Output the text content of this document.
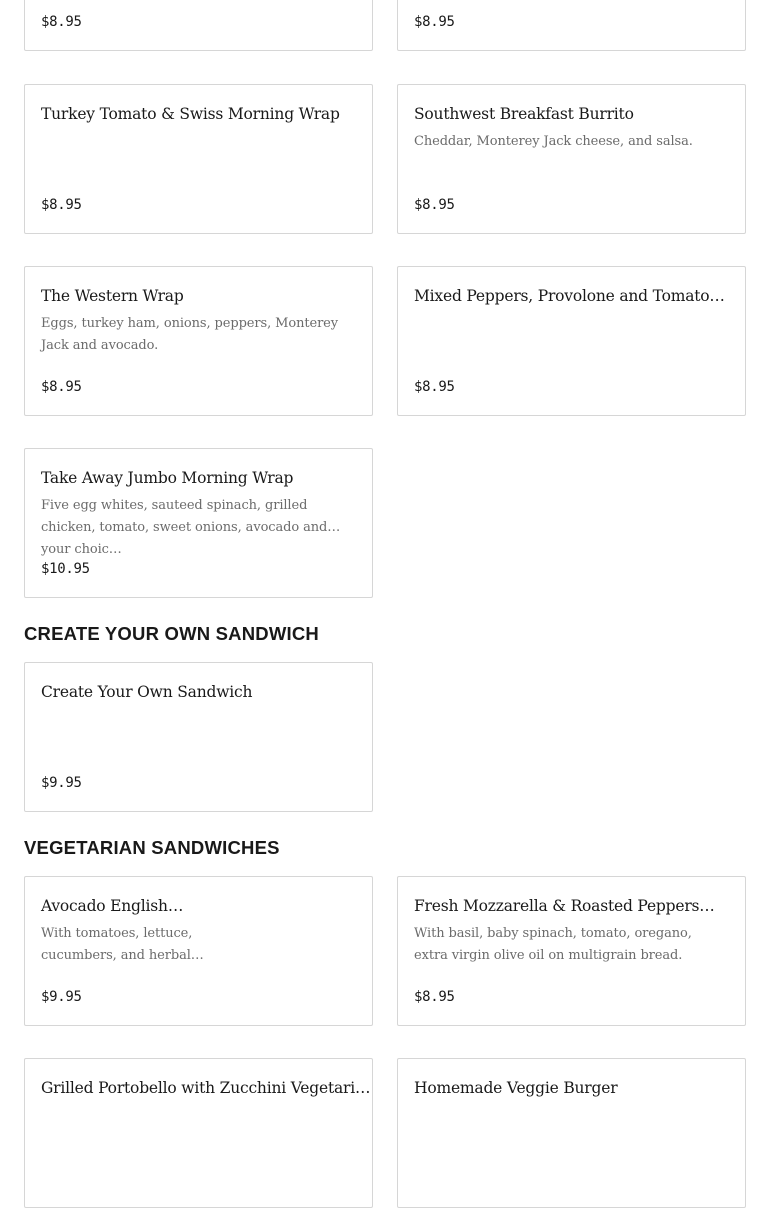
$8.95	$8.95
Turkey Tomato & Swiss Morning Wrap
$8.95
Southwest Breakfast Burrito
Cheddar, Monterey Jack cheese, and salsa.
$8.95
The Western Wrap
Eggs, turkey ham, onions, peppers, Monterey Jack and avocado.
$8.95
Mixed Peppers, Provolone and Tomato…
$8.95
Take Away Jumbo Morning Wrap
Five egg whites, sauteed spinach, grilled chicken, tomato, sweet onions, avocado and your choic…
$10.95
CREATE YOUR OWN SANDWICH
Create Your Own Sandwich
$9.95
VEGETARIAN SANDWICHES
Avocado English…
With tomatoes, lettuce, cucumbers, and herbal…
$9.95
Fresh Mozzarella & Roasted Peppers…
With basil, baby spinach, tomato, oregano, extra virgin olive oil on multigrain bread.
$8.95
Grilled Portobello with Zucchini Vegetari…	Homemade Veggie Burger
